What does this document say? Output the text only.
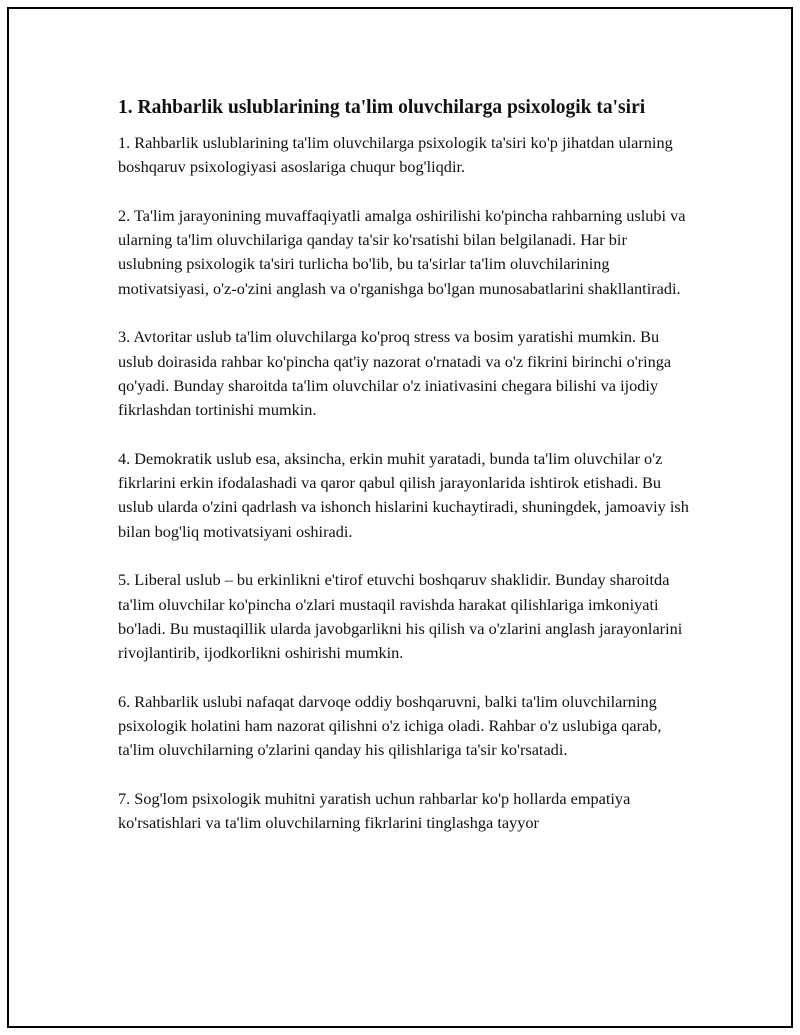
1. Rahbarlik uslublarining ta'lim oluvchilarga psixologik ta'siri

1. Rahbarlik uslublarining ta'lim oluvchilarga psixologik ta'siri ko'p jihatdan ularning boshqaruv psixologiyasi asoslariga chuqur bog'liqdir.

2. Ta'lim jarayonining muvaffaqiyatli amalga oshirilishi ko'pincha rahbarning uslubi va ularning ta'lim oluvchilariga qanday ta'sir ko'rsatishi bilan belgilanadi. Har bir uslubning psixologik ta'siri turlicha bo'lib, bu ta'sirlar ta'lim oluvchilarining motivatsiyasi, o'z-o'zini anglash va o'rganishga bo'lgan munosabatlarini shakllantiradi.

3. Avtoritar uslub ta'lim oluvchilarga ko'proq stress va bosim yaratishi mumkin. Bu uslub doirasida rahbar ko'pincha qat'iy nazorat o'rnatadi va o'z fikrini birinchi o'ringa qo'yadi. Bunday sharoitda ta'lim oluvchilar o'z iniativasini chegara bilishi va ijodiy fikrlashdan tortinishi mumkin.

4. Demokratik uslub esa, aksincha, erkin muhit yaratadi, bunda ta'lim oluvchilar o'z fikrlarini erkin ifodalashadi va qaror qabul qilish jarayonlarida ishtirok etishadi. Bu uslub ularda o'zini qadrlash va ishonch hislarini kuchaytiradi, shuningdek, jamoaviy ish bilan bog'liq motivatsiyani oshiradi.

5. Liberal uslub – bu erkinlikni e'tirof etuvchi boshqaruv shaklidir. Bunday sharoitda ta'lim oluvchilar ko'pincha o'zlari mustaqil ravishda harakat qilishlariga imkoniyati bo'ladi. Bu mustaqillik ularda javobgarlikni his qilish va o'zlarini anglash jarayonlarini rivojlantirib, ijodkorlikni oshirishi mumkin.

6. Rahbarlik uslubi nafaqat darvoqe oddiy boshqaruvni, balki ta'lim oluvchilarning psixologik holatini ham nazorat qilishni o'z ichiga oladi. Rahbar o'z uslubiga qarab, ta'lim oluvchilarning o'zlarini qanday his qilishlariga ta'sir ko'rsatadi.

7. Sog'lom psixologik muhitni yaratish uchun rahbarlar ko'p hollarda empatiya ko'rsatishlari va ta'lim oluvchilarning fikrlarini tinglashga tayyor
